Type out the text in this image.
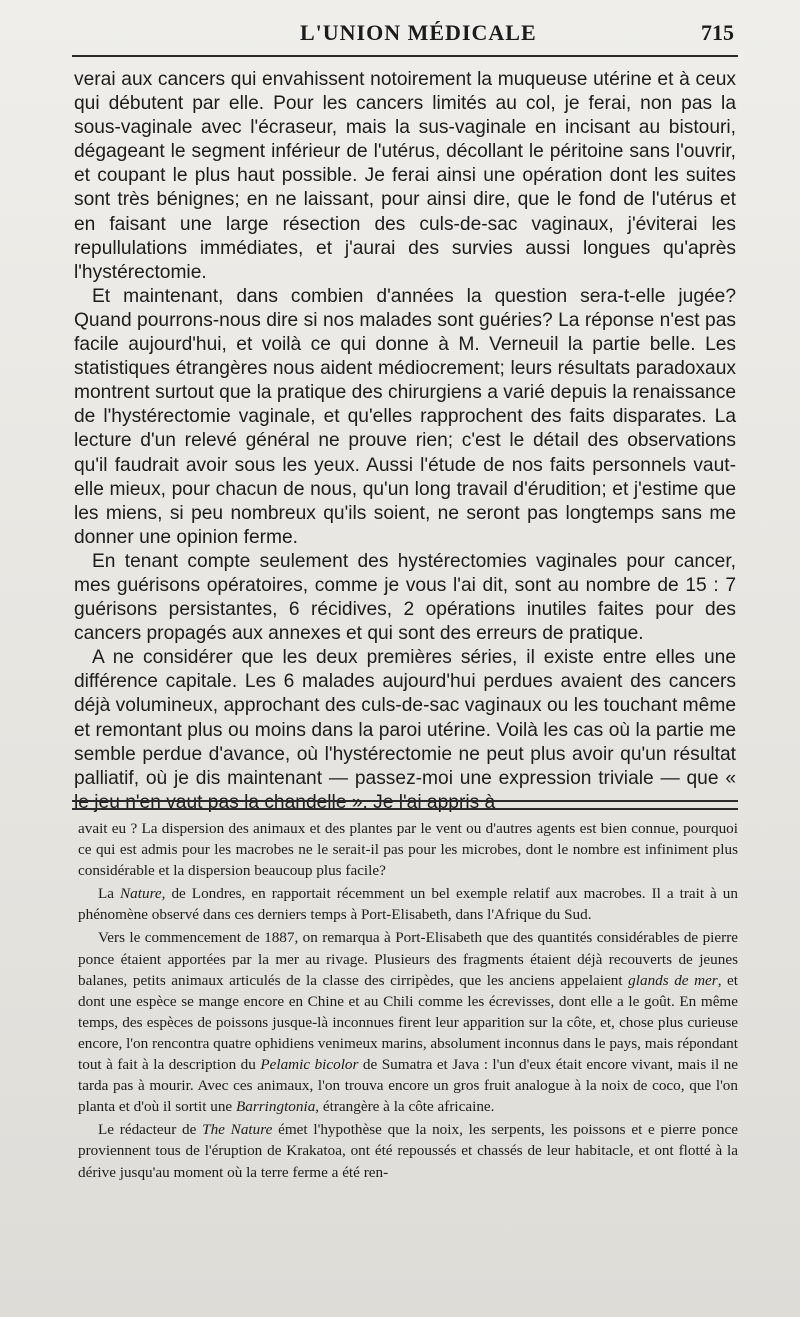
L'UNION MÉDICALE	715

verai aux cancers qui envahissent notoirement la muqueuse utérine et à ceux qui débutent par elle. Pour les cancers limités au col, je ferai, non pas la sous-vaginale avec l'écraseur, mais la sus-vaginale en incisant au bistouri, dégageant le segment inférieur de l'utérus, décollant le péritoine sans l'ouvrir, et coupant le plus haut possible. Je ferai ainsi une opération dont les suites sont très bénignes; en ne laissant, pour ainsi dire, que le fond de l'utérus et en faisant une large résection des culs-de-sac vaginaux, j'éviterai les repullulations immédiates, et j'aurai des survies aussi longues qu'après l'hystérectomie.

Et maintenant, dans combien d'années la question sera-t-elle jugée? Quand pourrons-nous dire si nos malades sont guéries? La réponse n'est pas facile aujourd'hui, et voilà ce qui donne à M. Verneuil la partie belle. Les statistiques étrangères nous aident médiocrement; leurs résultats paradoxaux montrent surtout que la pratique des chirurgiens a varié depuis la renaissance de l'hystérectomie vaginale, et qu'elles rapprochent des faits disparates. La lecture d'un relevé général ne prouve rien; c'est le détail des observations qu'il faudrait avoir sous les yeux. Aussi l'étude de nos faits personnels vaut-elle mieux, pour chacun de nous, qu'un long travail d'érudition; et j'estime que les miens, si peu nombreux qu'ils soient, ne seront pas longtemps sans me donner une opinion ferme.

En tenant compte seulement des hystérectomies vaginales pour cancer, mes guérisons opératoires, comme je vous l'ai dit, sont au nombre de 15 : 7 guérisons persistantes, 6 récidives, 2 opérations inutiles faites pour des cancers propagés aux annexes et qui sont des erreurs de pratique.

A ne considérer que les deux premières séries, il existe entre elles une différence capitale. Les 6 malades aujourd'hui perdues avaient des cancers déjà volumineux, approchant des culs-de-sac vaginaux ou les touchant même et remontant plus ou moins dans la paroi utérine. Voilà les cas où la partie me semble perdue d'avance, où l'hystérectomie ne peut plus avoir qu'un résultat palliatif, où je dis maintenant — passez-moi une expression triviale — que « le jeu n'en vaut pas la chandelle ». Je l'ai appris à

avait eu ? La dispersion des animaux et des plantes par le vent ou d'autres agents est bien connue, pourquoi ce qui est admis pour les macrobes ne le serait-il pas pour les microbes, dont le nombre est infiniment plus considérable et la dispersion beaucoup plus facile?

La Nature, de Londres, en rapportait récemment un bel exemple relatif aux macrobes. Il a trait à un phénomène observé dans ces derniers temps à Port-Elisabeth, dans l'Afrique du Sud.

Vers le commencement de 1887, on remarqua à Port-Elisabeth que des quantités considérables de pierre ponce étaient apportées par la mer au rivage. Plusieurs des fragments étaient déjà recouverts de jeunes balanes, petits animaux articulés de la classe des cirripèdes, que les anciens appelaient glands de mer, et dont une espèce se mange encore en Chine et au Chili comme les écrevisses, dont elle a le goût. En même temps, des espèces de poissons jusque-là inconnues firent leur apparition sur la côte, et, chose plus curieuse encore, l'on rencontra quatre ophidiens venimeux marins, absolument inconnus dans le pays, mais répondant tout à fait à la description du Pelamic bicolor de Sumatra et Java : l'un d'eux était encore vivant, mais il ne tarda pas à mourir. Avec ces animaux, l'on trouva encore un gros fruit analogue à la noix de coco, que l'on planta et d'où il sortit une Barringtonia, étrangère à la côte africaine.

Le rédacteur de The Nature émet l'hypothèse que la noix, les serpents, les poissons et e pierre ponce proviennent tous de l'éruption de Krakatoa, ont été repoussés et chassés de leur habitacle, et ont flotté à la dérive jusqu'au moment où la terre ferme a été ren-
